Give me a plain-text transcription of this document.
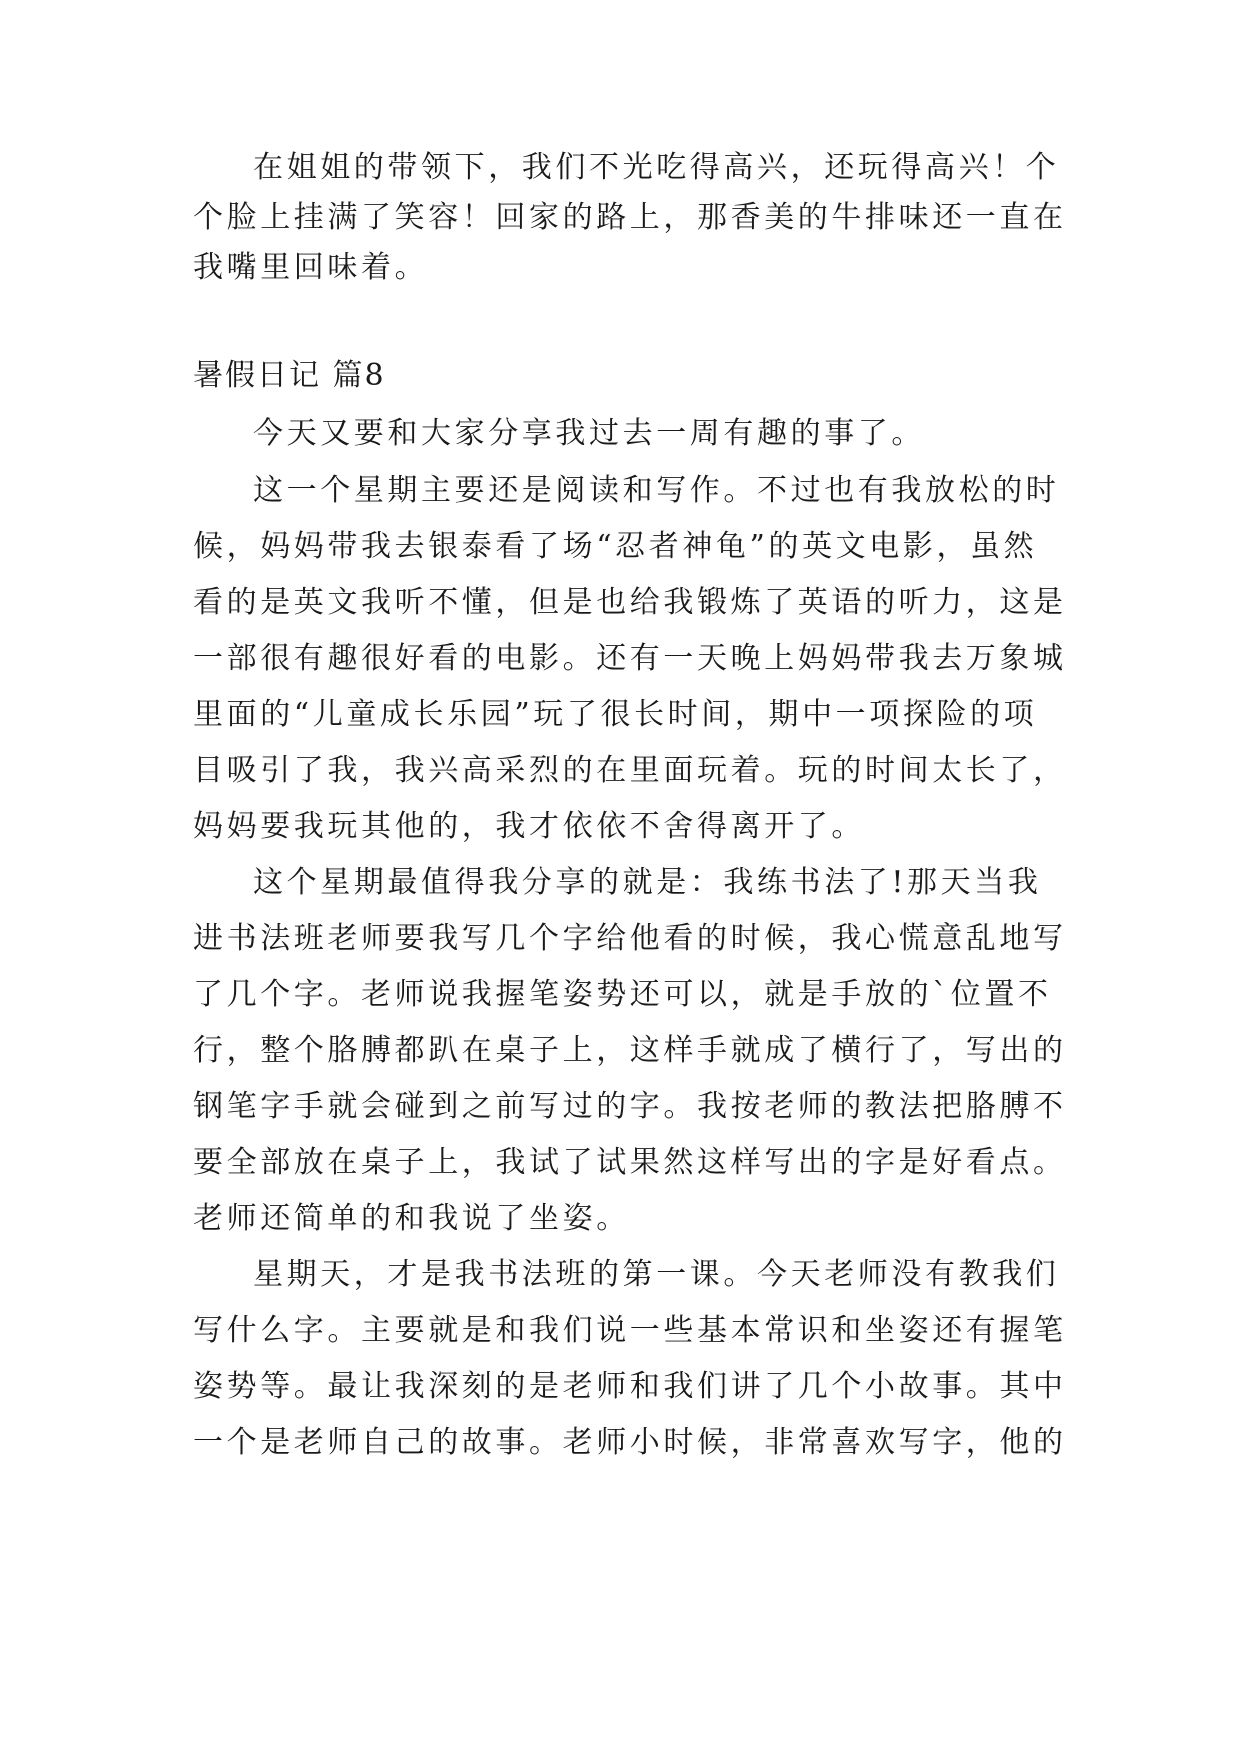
在姐姐的带领下，我们不光吃得高兴，还玩得高兴！个
个脸上挂满了笑容！回家的路上，那香美的牛排味还一直在
我嘴里回味着。
暑假日记 篇8
今天又要和大家分享我过去一周有趣的事了。
这一个星期主要还是阅读和写作。不过也有我放松的时
候，妈妈带我去银泰看了场“忍者神龟”的英文电影，虽然
看的是英文我听不懂，但是也给我锻炼了英语的听力，这是
一部很有趣很好看的电影。还有一天晚上妈妈带我去万象城
里面的“儿童成长乐园”玩了很长时间，期中一项探险的项
目吸引了我，我兴高采烈的在里面玩着。玩的时间太长了，
妈妈要我玩其他的，我才依依不舍得离开了。
这个星期最值得我分享的就是：我练书法了!那天当我
进书法班老师要我写几个字给他看的时候，我心慌意乱地写
了几个字。老师说我握笔姿势还可以，就是手放的`位置不
行，整个胳膊都趴在桌子上，这样手就成了横行了，写出的
钢笔字手就会碰到之前写过的字。我按老师的教法把胳膊不
要全部放在桌子上，我试了试果然这样写出的字是好看点。
老师还简单的和我说了坐姿。
星期天，才是我书法班的第一课。今天老师没有教我们
写什么字。主要就是和我们说一些基本常识和坐姿还有握笔
姿势等。最让我深刻的是老师和我们讲了几个小故事。其中
一个是老师自己的故事。老师小时候，非常喜欢写字，他的
